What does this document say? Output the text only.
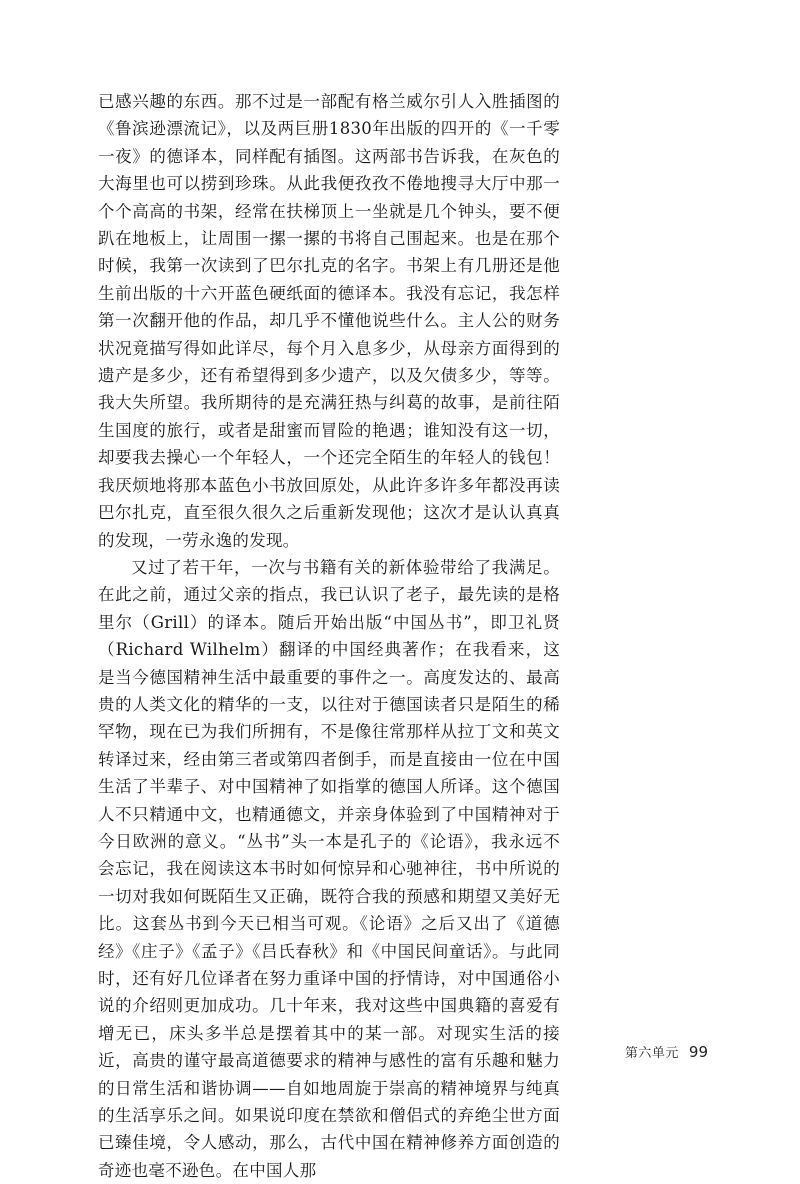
已感兴趣的东西。那不过是一部配有格兰威尔引人入胜插图的《鲁滨逊漂流记》，以及两巨册1830年出版的四开的《一千零一夜》的德译本，同样配有插图。这两部书告诉我，在灰色的大海里也可以捞到珍珠。从此我便孜孜不倦地搜寻大厅中那一个个高高的书架，经常在扶梯顶上一坐就是几个钟头，要不便趴在地板上，让周围一摞一摞的书将自己围起来。也是在那个时候，我第一次读到了巴尔扎克的名字。书架上有几册还是他生前出版的十六开蓝色硬纸面的德译本。我没有忘记，我怎样第一次翻开他的作品，却几乎不懂他说些什么。主人公的财务状况竟描写得如此详尽，每个月入息多少，从母亲方面得到的遗产是多少，还有希望得到多少遗产，以及欠债多少，等等。我大失所望。我所期待的是充满狂热与纠葛的故事，是前往陌生国度的旅行，或者是甜蜜而冒险的艳遇；谁知没有这一切，却要我去操心一个年轻人，一个还完全陌生的年轻人的钱包！我厌烦地将那本蓝色小书放回原处，从此许多许多年都没再读巴尔扎克，直至很久很久之后重新发现他；这次才是认认真真的发现，一劳永逸的发现。

又过了若干年，一次与书籍有关的新体验带给了我满足。在此之前，通过父亲的指点，我已认识了老子，最先读的是格里尔（Grill）的译本。随后开始出版“中国丛书”，即卫礼贤（Richard Wilhelm）翻译的中国经典著作；在我看来，这是当今德国精神生活中最重要的事件之一。高度发达的、最高贵的人类文化的精华的一支，以往对于德国读者只是陌生的稀罕物，现在已为我们所拥有，不是像往常那样从拉丁文和英文转译过来，经由第三者或第四者倒手，而是直接由一位在中国生活了半辈子、对中国精神了如指掌的德国人所译。这个德国人不只精通中文，也精通德文，并亲身体验到了中国精神对于今日欧洲的意义。“丛书”头一本是孔子的《论语》，我永远不会忘记，我在阅读这本书时如何惊异和心驰神往，书中所说的一切对我如何既陌生又正确，既符合我的预感和期望又美好无比。这套丛书到今天已相当可观。《论语》之后又出了《道德经》《庄子》《孟子》《吕氏春秋》和《中国民间童话》。与此同时，还有好几位译者在努力重译中国的抒情诗，对中国通俗小说的介绍则更加成功。几十年来，我对这些中国典籍的喜爱有增无已，床头多半总是摆着其中的某一部。对现实生活的接近，高贵的谨守最高道德要求的精神与感性的富有乐趣和魅力的日常生活和谐协调——自如地周旋于崇高的精神境界与纯真的生活享乐之间。如果说印度在禁欲和僧侣式的弃绝尘世方面已臻佳境，令人感动，那么，古代中国在精神修养方面创造的奇迹也毫不逊色。在中国人那

第六单元 99
